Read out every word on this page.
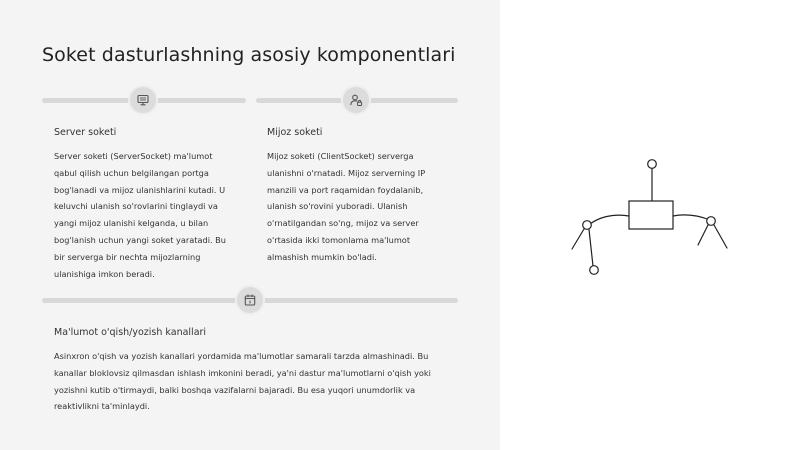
Soket dasturlashning asosiy komponentlari
Server soketi
Server soketi (ServerSocket) ma'lumot qabul qilish uchun belgilangan portga bog'lanadi va mijoz ulanishlarini kutadi. U keluvchi ulanish so'rovlarini tinglaydi va yangi mijoz ulanishi kelganda, u bilan bog'lanish uchun yangi soket yaratadi. Bu bir serverga bir nechta mijozlarning ulanishiga imkon beradi.
Mijoz soketi
Mijoz soketi (ClientSocket) serverga ulanishni o'rnatadi. Mijoz serverning IP manzili va port raqamidan foydalanib, ulanish so'rovini yuboradi. Ulanish o'rnatilgandan so'ng, mijoz va server o'rtasida ikki tomonlama ma'lumot almashish mumkin bo'ladi.
Ma'lumot o'qish/yozish kanallari
Asinxron o'qish va yozish kanallari yordamida ma'lumotlar samarali tarzda almashinadi. Bu kanallar bloklovsiz qilmasdan ishlash imkonini beradi, ya'ni dastur ma'lumotlarni o'qish yoki yozishni kutib o'tirmaydi, balki boshqa vazifalarni bajaradi. Bu esa yuqori unumdorlik va reaktivlikni ta'minlaydi.
